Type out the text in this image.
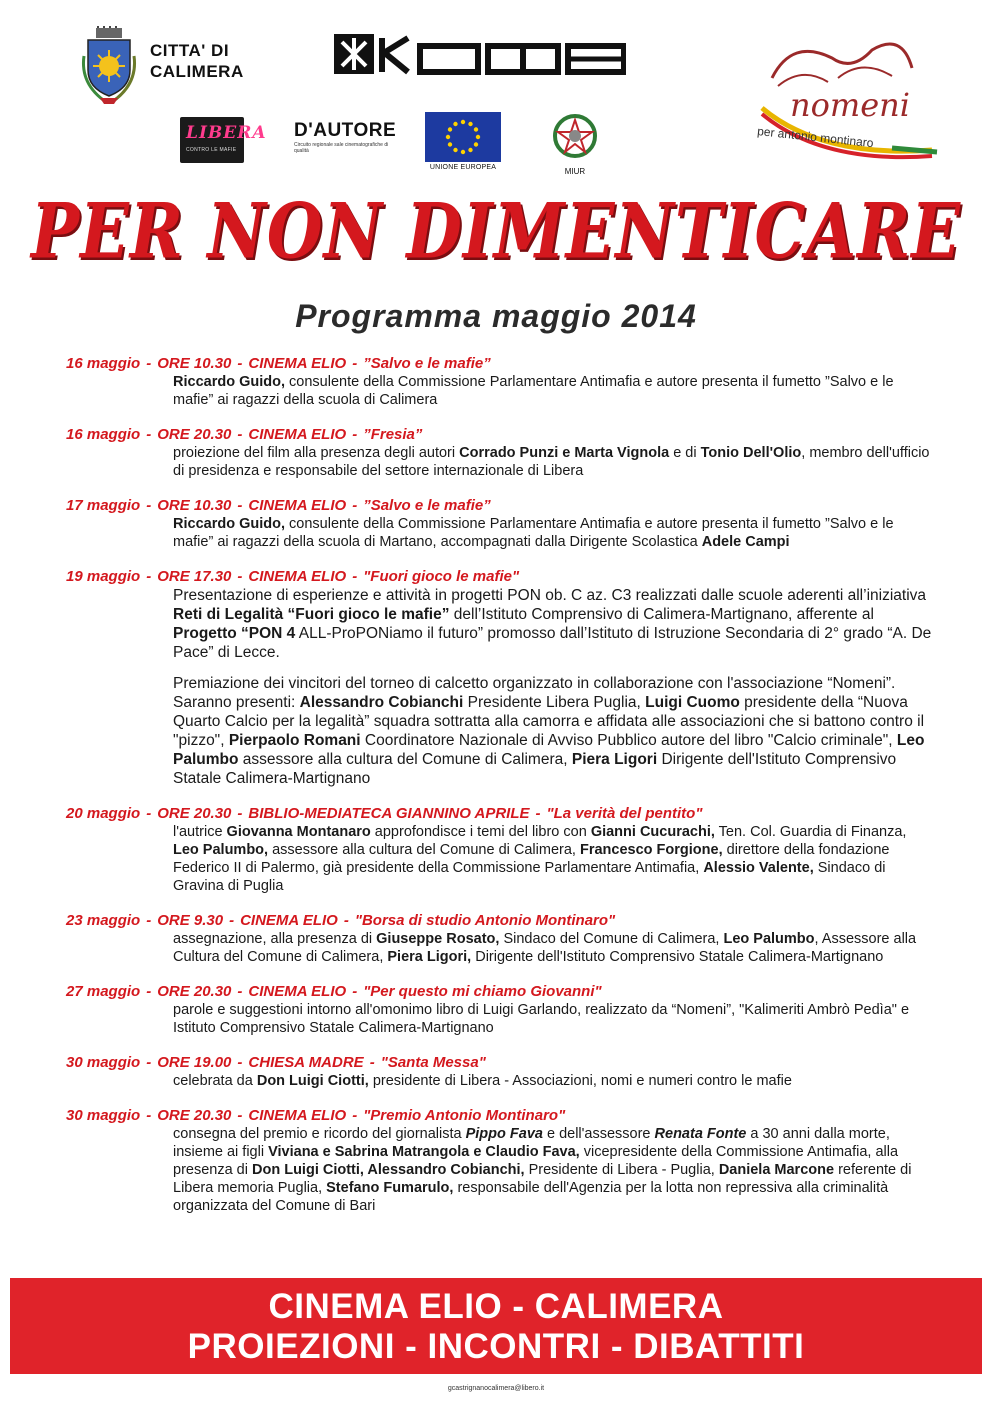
CITTA' DI
CALIMERA
LIBERA
CONTRO LE MAFIE
D'AUTORE
Circuito regionale sale cinematografiche di qualità
UNIONE EUROPEA	MIUR
nomeni
per antonio montinaro
PER NON DIMENTICARE
Programma maggio 2014
16 maggio - ORE 10.30 - CINEMA ELIO - ”Salvo e le mafie”
Riccardo Guido, consulente della Commissione Parlamentare Antimafia e autore presenta il fumetto ”Salvo e le mafie” ai ragazzi della scuola di Calimera
16 maggio - ORE 20.30 - CINEMA ELIO - ”Fresia”
proiezione del film alla presenza degli autori Corrado Punzi e Marta Vignola e di Tonio Dell'Olio, membro dell'ufficio di presidenza e responsabile del settore internazionale di Libera
17 maggio - ORE 10.30 - CINEMA ELIO - ”Salvo e le mafie”
Riccardo Guido, consulente della Commissione Parlamentare Antimafia e autore presenta il fumetto ”Salvo e le mafie” ai ragazzi della scuola di Martano, accompagnati dalla Dirigente Scolastica Adele Campi
19 maggio - ORE 17.30 - CINEMA ELIO - "Fuori gioco le mafie"
Presentazione di esperienze e attività in progetti PON ob. C az. C3 realizzati dalle scuole aderenti all’iniziativa Reti di Legalità “Fuori gioco le mafie” dell’Istituto Comprensivo di Calimera-Martignano, afferente al Progetto “PON 4 ALL-ProPONiamo il futuro” promosso dall’Istituto di Istruzione Secondaria di 2° grado “A. De Pace” di Lecce.
Premiazione dei vincitori del torneo di calcetto organizzato in collaborazione con l'associazione “Nomeni”. Saranno presenti: Alessandro Cobianchi Presidente Libera Puglia, Luigi Cuomo presidente della “Nuova Quarto Calcio per la legalità” squadra sottratta alla camorra e affidata alle associazioni che si battono contro il "pizzo", Pierpaolo Romani Coordinatore Nazionale di Avviso Pubblico autore del libro "Calcio criminale", Leo Palumbo assessore alla cultura del Comune di Calimera, Piera Ligori Dirigente dell'Istituto Comprensivo Statale Calimera-Martignano
20 maggio - ORE 20.30 - BIBLIO-MEDIATECA GIANNINO APRILE - "La verità del pentito"
l'autrice Giovanna Montanaro approfondisce i temi del libro con Gianni Cucurachi, Ten. Col. Guardia di Finanza, Leo Palumbo, assessore alla cultura del Comune di Calimera, Francesco Forgione, direttore della fondazione Federico II di Palermo, già presidente della Commissione Parlamentare Antimafia, Alessio Valente, Sindaco di Gravina di Puglia
23 maggio - ORE 9.30 - CINEMA ELIO - "Borsa di studio Antonio Montinaro"
assegnazione, alla presenza di Giuseppe Rosato, Sindaco del Comune di Calimera, Leo Palumbo, Assessore alla Cultura del Comune di Calimera, Piera Ligori, Dirigente dell'Istituto Comprensivo Statale Calimera-Martignano
27 maggio - ORE 20.30 - CINEMA ELIO - "Per questo mi chiamo Giovanni"
parole e suggestioni intorno all'omonimo libro di Luigi Garlando, realizzato da “Nomeni”, "Kalimeriti Ambrò Pedìa" e Istituto Comprensivo Statale Calimera-Martignano
30 maggio - ORE 19.00 - CHIESA MADRE - "Santa Messa"
celebrata da Don Luigi Ciotti, presidente di Libera - Associazioni, nomi e numeri contro le mafie
30 maggio - ORE 20.30 - CINEMA ELIO - "Premio Antonio Montinaro"
consegna del premio e ricordo del giornalista Pippo Fava e dell'assessore Renata Fonte a 30 anni dalla morte, insieme ai figli Viviana e Sabrina Matrangola e Claudio Fava, vicepresidente della Commissione Antimafia, alla presenza di Don Luigi Ciotti, Alessandro Cobianchi, Presidente di Libera - Puglia, Daniela Marcone referente di Libera memoria Puglia, Stefano Fumarulo, responsabile dell'Agenzia per la lotta non repressiva alla criminalità organizzata del Comune di Bari
CINEMA ELIO - CALIMERA
PROIEZIONI - INCONTRI - DIBATTITI
gcastrignanocalimera@libero.it
